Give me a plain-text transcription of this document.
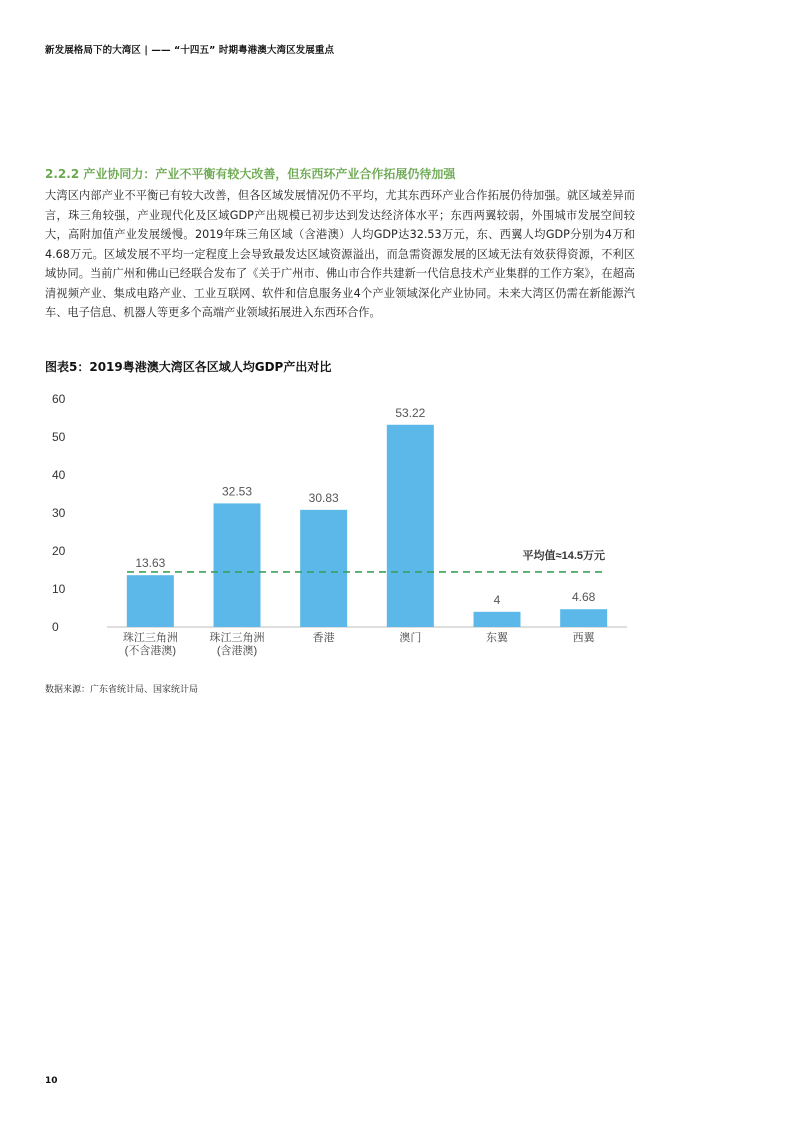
新发展格局下的大湾区 | —— “十四五” 时期粤港澳大湾区发展重点
2.2.2 产业协同力：产业不平衡有较大改善，但东西环产业合作拓展仍待加强
大湾区内部产业不平衡已有较大改善，但各区域发展情况仍不平均，尤其东西环产业合作拓展仍待加强。就区域差异而言，珠三角较强，产业现代化及区域GDP产出规模已初步达到发达经济体水平；东西两翼较弱，外围城市发展空间较大，高附加值产业发展缓慢。2019年珠三角区域（含港澳）人均GDP达32.53万元，东、西翼人均GDP分别为4万和4.68万元。区域发展不平均一定程度上会导致最发达区域资源溢出，而急需资源发展的区域无法有效获得资源，不利区域协同。当前广州和佛山已经联合发布了《关于广州市、佛山市合作共建新一代信息技术产业集群的工作方案》，在超高清视频产业、集成电路产业、工业互联网、软件和信息服务业4个产业领域深化产业协同。未来大湾区仍需在新能源汽车、电子信息、机器人等更多个高端产业领域拓展进入东西环合作。
图表5：2019粤港澳大湾区各区域人均GDP产出对比
0
10
20
30
40
50
60
13.63
珠江三角洲
(不含港澳)
32.53
珠江三角洲
(含港澳)
30.83
香港
53.22
澳门
4
东翼
4.68
西翼
平均值≈14.5万元
数据来源：广东省统计局、国家统计局
10
